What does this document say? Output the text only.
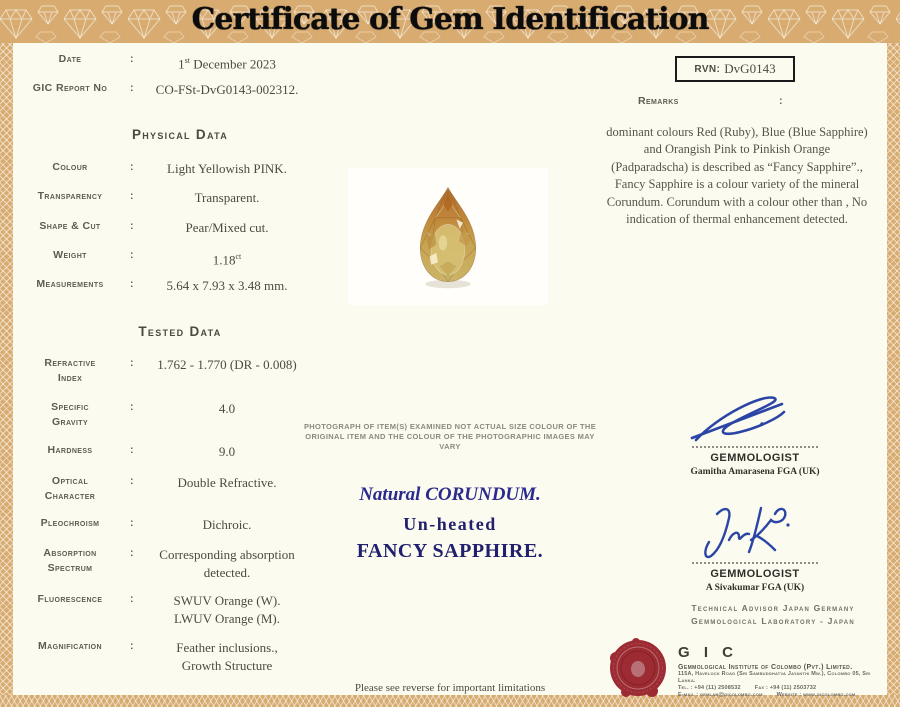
Certificate of Gem Identification
Date	:	1st December 2023
GIC Report No	:	CO-FSt-DvG0143-002312.
Physical Data
Colour	:	Light Yellowish PINK.
Transparency	:	Transparent.
Shape & Cut	:	Pear/Mixed cut.
Weight	:	$1.18^{ct}$
Measurements	:	5.64 x 7.93 x 3.48 mm.
Tested Data
Refractive
Index
:	1.762 - 1.770 (DR - 0.008)
Specific
Gravity
:	4.0
Hardness	:	9.0
Optical
Character
:	Double Refractive.
Pleochroism	:	Dichroic.
Absorption
Spectrum
:	Corresponding absorption
detected.
Fluorescence	:	SWUV Orange (W).
LWUV Orange (M).
Magnification	:	Feather inclusions.,
Growth Structure
PHOTOGRAPH OF ITEM(S) EXAMINED NOT ACTUAL SIZE COLOUR OF THE ORIGINAL ITEM AND THE COLOUR OF THE PHOTOGRAPHIC IMAGES MAY VARY
Natural CORUNDUM.
Un-heated
FANCY SAPPHIRE.
Please see reverse for important limitations
RVN: DvG0143
Remarks	:
dominant colours Red (Ruby), Blue (Blue Sapphire) and Orangish Pink to Pinkish Orange (Padparadscha) is described as “Fancy Sapphire”., Fancy Sapphire is a colour variety of the mineral Corundum. Corundum with a colour other than , No indication of thermal enhancement detected.
GEMMOLOGIST
Gamitha Amarasena FGA (UK)
GEMMOLOGIST
A Sivakumar FGA (UK)
Technical Advisor Japan Germany
Gemmological Laboratory - Japan
G I C
Gemmological Institute of Colombo (Pvt.) Limited.
115A, Havelock Road (Sri Sambuddhatva Jayanthi Mw.), Colombo 05, Sri Lanka.
Tel. : +94 (11) 2508532	Fax : +94 (11) 2503732
E-mail : gemlab@gicolombo.com	Website : www.gicolombo.com
